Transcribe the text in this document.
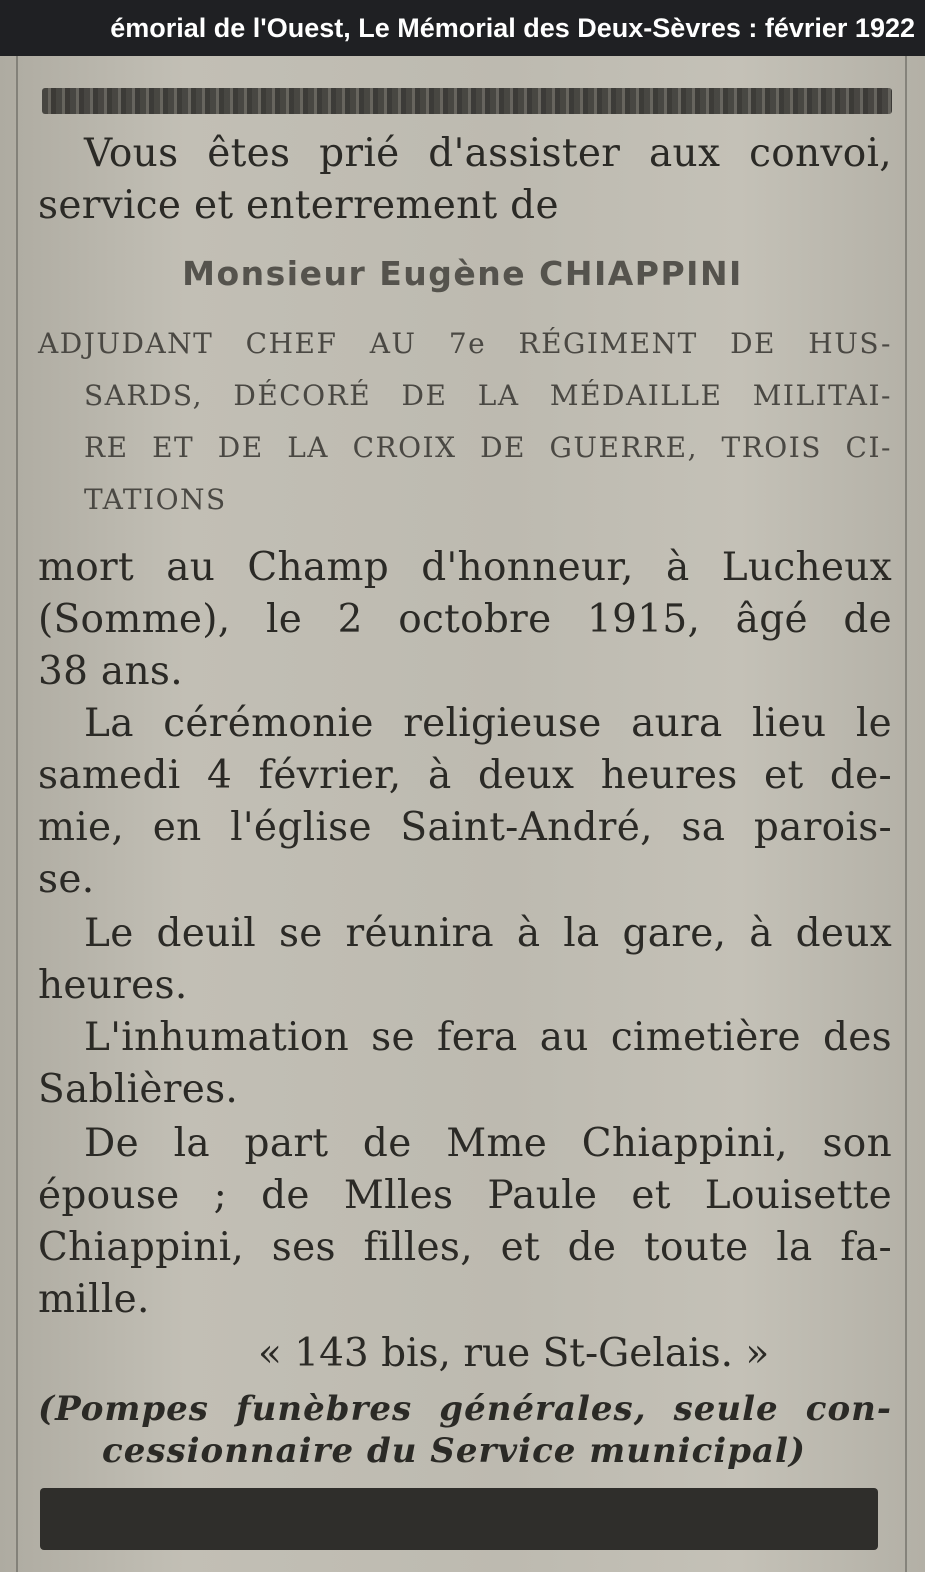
émorial de l'Ouest, Le Mémorial des Deux-Sèvres : février 1922
Vous êtes prié d'assister aux convoi,
service et enterrement de

Monsieur Eugène CHIAPPINI

ADJUDANT CHEF AU 7e RÉGIMENT DE HUS-
SARDS, DÉCORÉ DE LA MÉDAILLE MILITAI-
RE ET DE LA CROIX DE GUERRE, TROIS CI-
TATIONS
mort au Champ d'honneur, à Lucheux
(Somme), le 2 octobre 1915, âgé de
38 ans.
La cérémonie religieuse aura lieu le
samedi 4 février, à deux heures et de-
mie, en l'église Saint-André, sa parois-
se.
Le deuil se réunira à la gare, à deux
heures.
L'inhumation se fera au cimetière des
Sablières.
De la part de Mme Chiappini, son
épouse ; de Mlles Paule et Louisette
Chiappini, ses filles, et de toute la fa-
mille.

« 143 bis, rue St-Gelais. »

(Pompes funèbres générales, seule con-
cessionnaire du Service municipal)
